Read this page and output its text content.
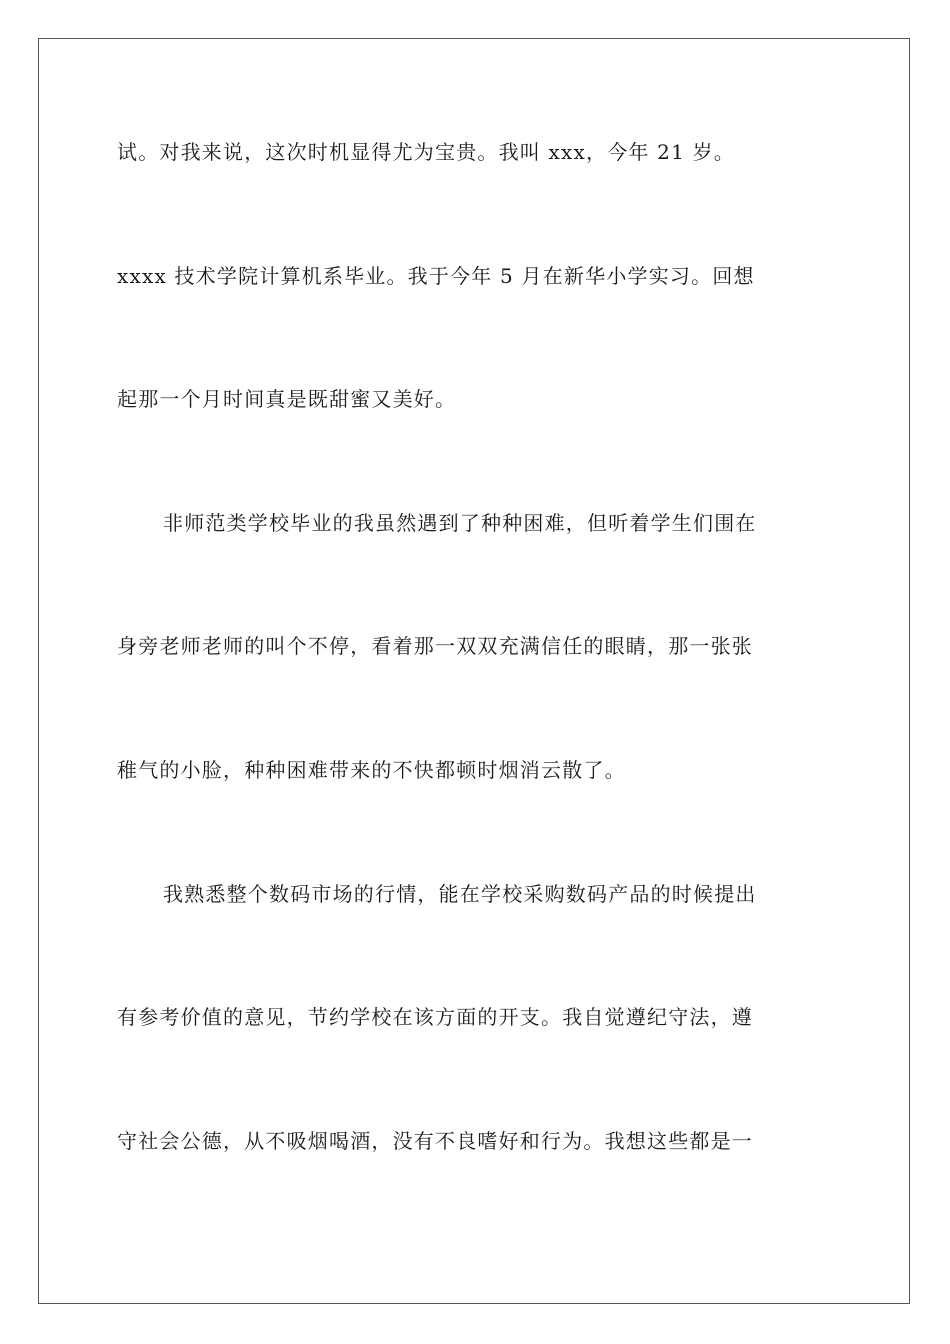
试。对我来说，这次时机显得尤为宝贵。我叫 xxx，今年 21 岁。
xxxx 技术学院计算机系毕业。我于今年 5 月在新华小学实习。回想
起那一个月时间真是既甜蜜又美好。
非师范类学校毕业的我虽然遇到了种种困难，但听着学生们围在
身旁老师老师的叫个不停，看着那一双双充满信任的眼睛，那一张张
稚气的小脸，种种困难带来的不快都顿时烟消云散了。
我熟悉整个数码市场的行情，能在学校采购数码产品的时候提出
有参考价值的意见，节约学校在该方面的开支。我自觉遵纪守法，遵
守社会公德，从不吸烟喝酒，没有不良嗜好和行为。我想这些都是一
